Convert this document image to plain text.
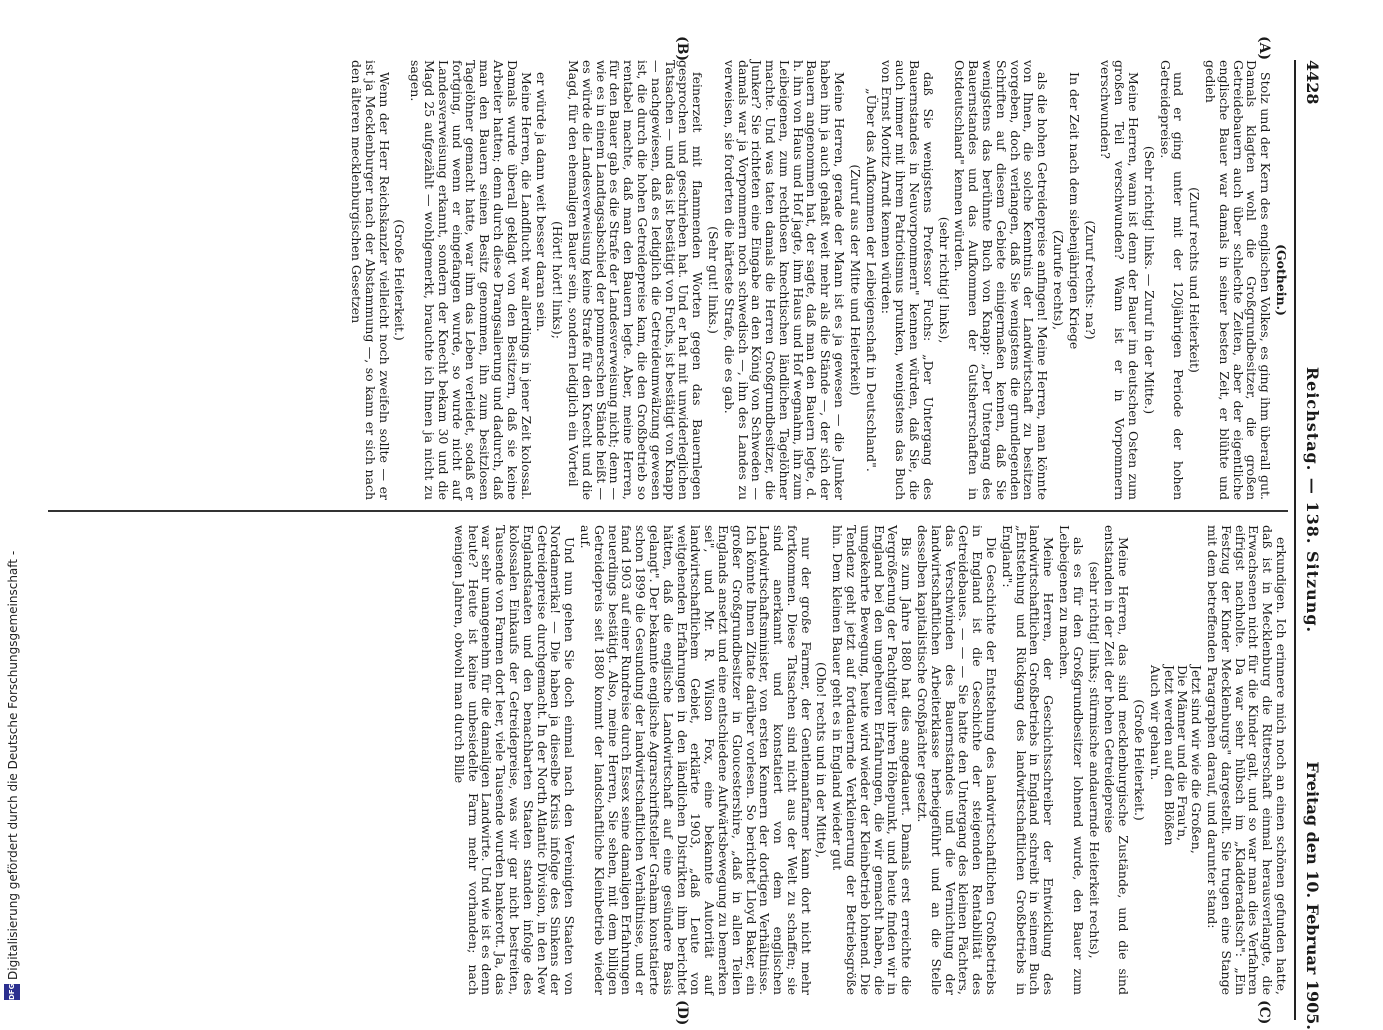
4428
Reichstag. — 138. Sitzung.
Freitag den 10. Februar 1905.
(A)
(B)
(C)
(D)

(Gothein.)

Stolz und der Kern des englischen Volkes, es ging ihm überall gut. Damals klagten wohl die Großgrundbesitzer, die großen Getreidebauern auch über schlechte Zeiten, aber der eigentliche englische Bauer war damals in seiner besten Zeit, er blühte und gedieh

(Zuruf rechts und Heiterkeit)

und er ging unter mit der 120jährigen Periode der hohen Getreidepreise.

(Sehr richtig! links. — Zuruf in der Mitte.)

Meine Herren, wann ist denn der Bauer im deutschen Osten zum großen Teil verschwunden? Wann ist er in Vorpommern verschwunden?

(Zuruf rechts: na?)

In der Zeit nach dem siebenjährigen Kriege

(Zurufe rechts),

als die hohen Getreidepreise anfingen! Meine Herren, man könnte von Ihnen, die solche Kenntnis der Landwirtschaft zu besitzen vorgeben, doch verlangen, daß Sie wenigstens die grundlegenden Schriften auf diesem Gebiete einigermaßen kennen, daß Sie wenigstens das berühmte Buch von Knapp: „Der Untergang des Bauernstandes und das Aufkommen der Gutsherrschaften in Ostdeutschland" kennen würden.

(sehr richtig! links),

daß Sie wenigstens Professor Fuchs: „Der Untergang des Bauernstandes in Neuvorpommern" kennen würden, daß Sie, die auch immer mit ihrem Patriotismus prunken, wenigstens das Buch von Ernst Moritz Arndt kennen würden:

„Über das Aufkommen der Leibeigenschaft in Deutschland".

(Zuruf aus der Mitte und Heiterkeit)

Meine Herren, gerade der Mann ist es ja gewesen — die Junker haben ihn ja auch gehaßt weit mehr als die Stände —, der sich der Bauern angenommen hat, der sagte, daß man den Bauern legte, d. h. ihn von Haus und Hof jagte, ihm Haus und Hof wegnahm, ihn zum Leibeigenen, zum rechtlosen knechtischen ländlichen Tagelöhner machte. Und was taten damals die Herren Großgrundbesitzer, die Junker? Sie richteten eine Eingabe an den König von Schweden — damals war ja Vorpommern noch schwedisch —, ihn des Landes zu verweisen, sie forderten die härteste Strafe, die es gab.

(Sehr gut! links.)

feinerzeit mit flammenden Worten gegen das Bauernlegen gesprochen und geschrieben hat. Und er hat mit unwiderleglichen Tatsachen — und das ist bestätigt von Fuchs, ist bestätigt von Knapp — nachgewiesen, daß es lediglich die Getreideumwälzung gewesen ist, die durch die hohen Getreidepreise kam, die den Großbetrieb so rentabel machte, daß man den Bauern legte. Aber, meine Herren, für den Bauer gab es die Strafe der Landesverweisung nicht; denn — wie es in einem Landtagsabschied der pommerschen Stände heißt — es würde die Landesverweisung keine Strafe für den Knecht und die Magd, für den ehemaligen Bauer sein, sondern lediglich ein Vorteil

(Hört! hört! links);

er würde ja dann weit besser daran sein.

Meine Herren, die Landflucht war allerdings in jener Zeit kolossal. Damals wurde überall geklagt von den Besitzern, daß sie keine Arbeiter hatten; denn durch diese Drangsalierung und dadurch, daß man den Bauern seinen Besitz genommen, ihn zum besitzlosen Tagelöhner gemacht hatte, war ihm das Leben verleidet, sodaß er fortging, und wenn er eingefangen wurde, so wurde nicht auf Landesverweisung erkannt, sondern der Knecht bekam 30 und die Magd 25 aufgezählt — wohlgemerkt, brauchte ich Ihnen ja nicht zu sagen.

(Große Heiterkeit.)

Wenn der Herr Reichskanzler vielleicht noch zweifeln sollte — er ist ja Mecklenburger nach der Abstammung —, so kann er sich nach den älteren mecklenburgischen Gesetzen

erkundigen. Ich erinnere mich noch an einen schönen gefunden hatte, daß ist in Mecklenburg die Ritterschaft einmal herausverlangte, die Erwachsenen nicht für die Kinder galt, und so war man dies Verfahren eifrigst nachholte. Da war sehr hübsch im „Kladderadatsch": „Ein Festzug der Kinder Mecklenburgs" dargestellt. Sie trugen eine Stange mit dem betreffenden Paragraphen darauf, und darunter stand:

Jetzt sind wir wie die Großen,

Die Männer und die Frau'n,

Jetzt werden auf den Blößen

Auch wir gehau'n.

(Große Heiterkeit.)

Meine Herren, das sind mecklenburgische Zustände, und die sind entstanden in der Zeit der hohen Getreidepreise

(sehr richtig! links; stürmische andauernde Heiterkeit rechts),

als es für den Großgrundbesitzer lohnend wurde, den Bauer zum Leibeigenen zu machen.

Meine Herren, der Geschichtsschreiber der Entwicklung des landwirtschaftlichen Großbetriebs in England schreibt in seinem Buch „Entstehung und Rückgang des landwirtschaftlichen Großbetriebs in England":

Die Geschichte der Entstehung des landwirtschaftlichen Großbetriebs in England ist die Geschichte der steigenden Rentabilität des Getreidebaues. — — — Sie hatte den Untergang des kleinen Pächters, das Verschwinden des Bauernstandes und die Vernichtung der landwirtschaftlichen Arbeiterklasse herbeigeführt und an die Stelle desselben kapitalistische Großpächter gesetzt.

Bis zum Jahre 1880 hat dies angedauert. Damals erst erreichte die Vergrößerung der Pachtgüter ihren Höhepunkt, und heute finden wir in England bei den ungeheuren Erfahrungen, die wir gemacht haben, die umgekehrte Bewegung, heute wird wieder der Kleinbetrieb lohnend. Die Tendenz geht jetzt auf fortdauernde Verkleinerung der Betriebsgröße hin. Dem kleinen Bauer geht es in England wieder gut

(Oho! rechts und in der Mitte),

nur der große Farmer, der Gentlemanfarmer kann dort nicht mehr fortkommen. Diese Tatsachen sind nicht aus der Welt zu schaffen; sie sind anerkannt und konstatiert von dem englischen Landwirtschaftsminister, von ersten Kennern der dortigen Verhältnisse. Ich könnte Ihnen Zitate darüber vorlesen. So berichtet Lloyd Baker, ein großer Großgrundbesitzer in Gloucestershire, „daß in allen Teilen Englands ansetzt und eine entschiedene Aufwärtsbewegung zu bemerken sei", und Mr. R. Wilson Fox, eine bekannte Autorität auf landwirtschaftlichem Gebiet, erklärte 1903, „daß Leute von weitgehenden Erfahrungen in den ländlichen Distrikten ihm berichtet hätten, daß die englische Landwirtschaft auf eine gesündere Basis gelangt". Der bekannte englische Agrarschriftsteller Graham konstatierte schon 1899 die Gesundung der landwirtschaftlichen Verhältnisse, und er fand 1903 auf einer Rundreise durch Essex seine damaligen Erfahrungen neuerdings bestätigt. Also, meine Herren, Sie sehen, mit dem billigen Getreidepreis seit 1880 kommt der landschaftliche Kleinbetrieb wieder auf.

Und nun gehen Sie doch einmal nach den Vereinigten Staaten von Nordamerika! — Die haben ja dieselbe Krisis infolge des Sinkens der Getreidepreise durchgemacht. In der North Atlantic Division, in den New Englandstaaten und den benachbarten Staaten standen infolge des kolossalen Einkaufs der Getreidepreise, was wir gar nicht bestreiten, Tausende von Farmen dort leer, viele Tausende wurden bankerott. Ja, das war sehr unangenehm für die damaligen Landwirte. Und wie ist es denn heute? Heute ist keine unbesiedelte Farm mehr vorhanden; nach wenigen Jahren, obwohl man durch Bille

DFG
Digitalisierung gefördert durch die Deutsche Forschungsgemeinschaft -
